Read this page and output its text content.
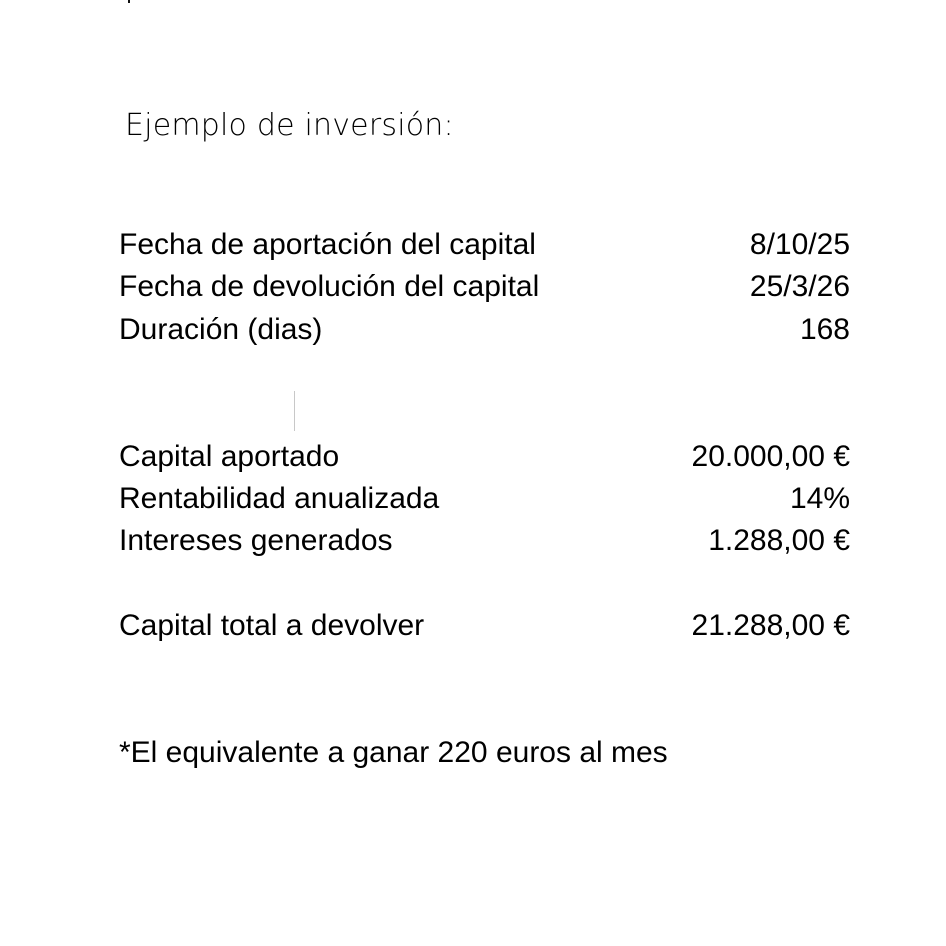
Ejemplo de inversión:
Fecha de aportación del capital	8/10/25
Fecha de devolución del capital	25/3/26
Duración (dias)	168
Capital aportado	20.000,00 €
Rentabilidad anualizada	14%
Intereses generados	1.288,00 €
Capital total a devolver	21.288,00 €
*El equivalente a ganar 220 euros al mes
